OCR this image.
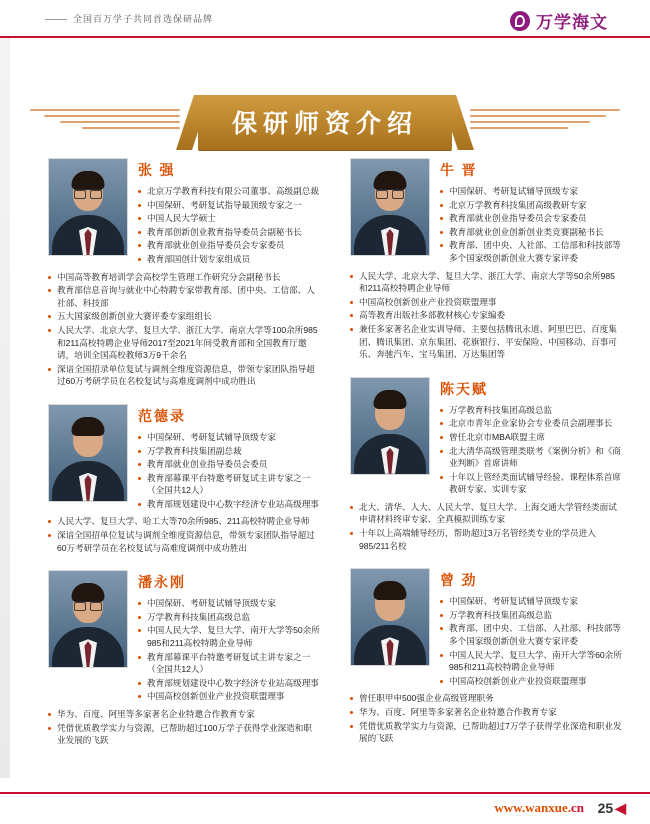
全国百万学子共同首选保研品牌	万学海文
保研师资介绍
张 强
北京万学教育科技有限公司董事、高级副总裁
中国保研、考研复试指导最顶级专家之一
中国人民大学硕士
教育部创新创业教育指导委员会副秘书长
教育部就业创业指导委员会专家委员
教育部国创计划专家组成员
中国高等教育培训学会高校学生管理工作研究分会副秘书长
教育部信息音询与就业中心特聘专家带教育部、团中央、工信部、人社部、科技部
五大国家级创新创业大赛评委专家组组长
人民大学、北京大学、复旦大学、浙江大学、南京大学等100余所985和211高校特聘企业导师2017至2021年间受教育部和全国教育厅邀请，培训全国高校教师3万9千余名
深谙全国招录单位复试与调剂全维度资源信息，带领专家团队指导超过60万考研学员在名校复试与高难度调剂中成功胜出
范德录
中国保研、考研复试辅导顶级专家
万学教育科技集团副总裁
教育部就业创业指导委员会委员
教育部幕课平台特邀考研复试主讲专家之一（全国共12人）
教育部规划建设中心数字经济专业站高级理事
人民大学、复旦大学、哈工大等70余所985、211高校特聘企业导师
深谙全国招单位复试与调剂全维度资源信息，带领专家团队指导超过60万考研学员在名校复试与高难度调剂中成功胜出
潘永刚
中国保研、考研复试辅导顶级专家
万学教育科技集团高级总监
中国人民大学、复旦大学、南开大学等50余所985和211高校特聘企业导师
教育部幕课平台特邀考研复试主讲专家之一（全国共12人）
教育部规划建设中心数字经济专业站高级理事
中国高校创新创业产业投资联盟理事
华为、百度、阿里等多家著名企业特邀合作教育专家
凭借优质教学实力与资源，已帮助超过100万学子获得学业深造和职业发展的飞跃
牛 晋
中国保研、考研复试辅导顶级专家
北京万学教育科技集团高级教研专家
教育部就业创业指导委员会专家委员
教育部就业创业创新创业类竞赛副秘书长
教育部、团中央、人社部、工信部和科技部等多个国家级创新创业大赛专家评委
人民大学、北京大学、复旦大学、浙江大学、南京大学等50余所985和211高校特聘企业导师
中国高校创新创业产业投资联盟理事
高等教育出版社多部教材核心专家编委
兼任多家著名企业实训导师、主要包括腾讯永道、阿里巴巴、百度集团、腾讯集团、京东集团、花旗银行、平安保险、中国移动、百事可乐、奔驰汽车、宝马集团、万达集团等
陈天赋
万学教育科技集团高级总监
北京市青年企业家协会专业委员会副理事长
曾任北京市MBA联盟主席
北大清华高级管理类联考《案例分析》和《商业判断》首席讲师
十年以上管经类面试辅导经验、课程体系首席教研专家、实训专家
北大、清华、人大、人民大学、复旦大学、上海交通大学管经类面试申请材料终审专家、全真模拟训练专家
十年以上高端辅导经历，帮助超过3万名管经类专业的学员进入985/211名校
曾 劲
中国保研、考研复试辅导顶级专家
万学教育科技集团高级总监
教育部、团中央、工信部、人社部、科技部等多个国家级创新创业大赛专家评委
中国人民大学、复旦大学、南开大学等60余所985和211高校特聘企业导师
中国高校创新创业产业投资联盟理事
曾任职甲申500强企业高级管理职务
华为、百度、阿里等多家著名企业特邀合作教育专家
凭借优质教学实力与资源，已帮助超过7万学子获得学业深造和职业发展的飞跃
www.wanxue.cn 25 ◀
